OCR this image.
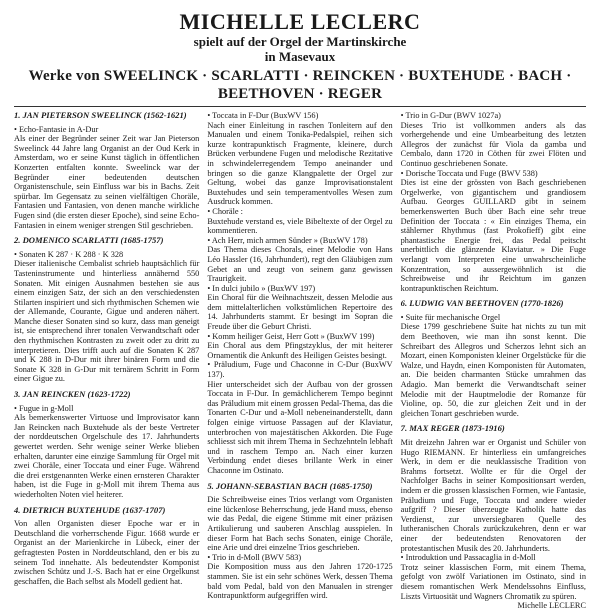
MICHELLE LECLERC
spielt auf der Orgel der Martinskirche
in Masevaux
Werke von SWEELINCK · SCARLATTI · REINCKEN · BUXTEHUDE · BACH · BEETHOVEN · REGER
1. JAN PIETERSON SWEELINCK (1562-1621)

• Echo-Fantasie in A-Dur

Als einer der Begründer seiner Zeit war Jan Pieterson Sweelinck 44 Jahre lang Organist an der Oud Kerk in Amsterdam, wo er seine Kunst täglich in öffentlichen Konzerten entfalten konnte. Sweelinck war der Begründer einer bedeutenden deutschen Organistenschule, sein Einfluss war bis in Bachs. Zeit spürbar. Im Gegensatz zu seinen vielfältigen Choräle, Fantasien und Fantasien, von denen manche wirkliche Fugen sind (die ersten dieser Epoche), sind seine Echo-Fantasien in einem weniger strengen Stil geschrieben.

2. DOMENICO SCARLATTI (1685-1757)

• Sonaten K 287 · K 288 · K 328

Dieser italienische Cembalist schrieb hauptsächlich für Tasteninstrumente und hinterliess annähernd 550 Sonaten. Mit einigen Ausnahmen bestehen sie aus einem einzigen Satz, der sich an den verschiedensten Stilarten inspiriert und sich rhythmischen Schemen wie der Allemande, Courante, Gigue und anderen nähert. Manche dieser Sonaten sind so kurz, dass man geneigt ist, sie entsprechend ihrer tonalen Verwandtschaft oder den rhythmischen Kontrasten zu zweit oder zu dritt zu interpretieren. Dies trifft auch auf die Sonaten K 287 und K 288 in D-Dur mit ihrer binären Form und die Sonate K 328 in G-Dur mit ternärem Schritt in Form einer Gigue zu.

3. JAN REINCKEN (1623-1722)

• Fugue in g-Moll

Als bemerkenswerter Virtuose und Improvisator kann Jan Reincken nach Buxtehude als der beste Vertreter der norddeutschen Orgelschule des 17. Jahrhunderts gewertet werden. Sehr wenige seiner Werke blieben erhalten, darunter eine einzige Sammlung für Orgel mit zwei Choräle, einer Toccata und einer Fuge. Während die drei erstgenannten Werke einen ernsteren Charakter haben, ist die Fuge in g-Moll mit ihrem Thema aus wiederholten Noten viel heiterer.

4. DIETRICH BUXTEHUDE (1637-1707)

Von allen Organisten dieser Epoche war er in Deutschland die vorherrschende Figur. 1668 wurde er Organist an der Marienkirche in Lübeck, einer der gefragtesten Posten in Norddeutschland, den er bis zu seinem Tod innehatte. Als bedeutendster Komponist zwischen Schütz und J.-S. Bach hat er eine Orgelkunst geschaffen, die Bach selbst als Modell gedient hat.

• Toccata in F-Dur (BuxWV 156)

Nach einer Einleitung in raschen Tonleitern auf den Manualen und einem Tonika-Pedalspiel, reihen sich kurze kontrapunktisch Fragmente, kleinere, durch Brücken verbundene Fugen und melodische Rezitative in schwindelerregendem Tempo aneinander und bringen so die ganze Klangpalette der Orgel zur Geltung, wobei das ganze Improvisationstalent Buxtehudes und sein temperamentvolles Wesen zum Ausdruck kommen.

• Choräle :

Buxtehude verstand es, viele Bibeltexte of der Orgel zu kommentieren.

• Ach Herr, mich armen Sünder » (BuxWV 178)

Das Thema dieses Chorals, einer Melodie von Hans Léo Hassler (16, Jahrhundert), regt den Gläubigen zum Gebet an und zeugt von seinem ganz gewissen Traurigkeit.

• In dulci jubilo » (BuxWV 197)

Ein Choral für die Weihnachtszeit, dessen Melodie aus dem mittelalterlichen volkstümlichen Repertoire des 14. Jahrhunderts stammt. Er besingt im Sopran die Freude über die Geburt Christi.

• Komm heiliger Geist, Herr Gott » (BuxWV 199)

Ein Choral aus dem Pfingstzyklus, der mit heiterer Ornamentik die Ankunft des Heiligen Geistes besingt.

• Präludium, Fuge und Chaconne in C-Dur (BuxWV 137).

Hier unterscheidet sich der Aufbau von der grossen Toccata in F-Dur. In gemächlicherem Tempo beginnt das Präludium mit einem grossen Pedal-Thema, das die Tonarten C-Dur und a-Moll nebeneinanderstellt, dann folgen einige virtuose Passagen auf der Klaviatur, unterbrochen von majestätischen Akkorden. Die Fuge schliesst sich mit ihrem Thema in Sechzehnteln lebhaft und in raschem Tempo an. Nach einer kurzen Verbindung endet dieses brillante Werk in einer Chaconne im Ostinato.

5. JOHANN-SEBASTIAN BACH (1685-1750)

Die Schreibweise eines Trios verlangt vom Organisten eine lückenlose Beherrschung, jede Hand muss, ebenso wie das Pedal, die eigene Stimme mit einer präzisen Artikulierung und sauberen Anschlag ausspielen. In dieser Form hat Bach sechs Sonaten, einige Choräle, eine Arie und drei einzelne Trios geschrieben.

• Trio in d-Moll (BWV 583)

Die Komposition muss aus den Jahren 1720-1725 stammen. Sie ist ein sehr schönes Werk, dessen Thema bald vom Pedal, bald von den Manualen in strenger Kontrapunktform aufgegriffen wird.

• Trio in G-Dur (BWV 1027a)

Dieses Trio ist vollkommen anders als das vorhergehende und eine Umbearbeitung des letzten Allegros der zunächst für Viola da gamba und Cembalo, dann 1720 in Cöthen für zwei Flöten und Continuo geschriebenen Sonate.

• Dorische Toccata und Fuge (BWV 538)

Dies ist eine der grössten von Bach geschriebenen Orgelwerke, von gigantischem und grandiosem Aufbau. Georges GUILLARD gibt in seinem bemerkenswerten Buch über Bach eine sehr treue Definition der Toccata : « Ein einziges Thema, ein stählerner Rhythmus (fast Prokofieff) gibt eine phantastische Energie frei, das Pedal peitscht unerbittlich die glänzende Klaviatur. » Die Fuge verlangt vom Interpreten eine unwahrscheinliche Konzentration, so aussergewöhnlich ist die Schreibweise und ihr Reichtum im ganzen kontrapunktischen Reichtum.

6. LUDWIG VAN BEETHOVEN (1770-1826)

• Suite für mechanische Orgel

Diese 1799 geschriebene Suite hat nichts zu tun mit dem Beethoven, wie man ihn sonst kennt. Die Schreibart des Allegros und Scherzos lehnt sich an Mozart, einen Komponisten kleiner Orgelstücke für die Walze, und Haydn, einen Komponisten für Automaten, an. Die beiden charmanten Stücke umrahmen das Adagio. Man bemerkt die Verwandtschaft seiner Melodie mit der Hauptmelodie der Romanze für Violine, op. 50, die zur gleichen Zeit und in der gleichen Tonart geschrieben wurde.

7. MAX REGER (1873-1916)

Mit dreizehn Jahren war er Organist und Schüler von Hugo RIEMANN. Er hinterliess ein umfangreiches Werk, in dem er die neuklassische Tradition von Brahms fortsetzt. Wollte er für die Orgel der Nachfolger Bachs in seiner Kompositionsart werden, indem er die grossen klassischen Formen, wie Fantasie, Präludium und Fuge, Toccata und andere wieder aufgriff ? Dieser überzeugte Katholik hatte das Verdienst, zur unversiegbaren Quelle des lutheranischen Chorals zurückzukehren, denn er war einer der bedeutendsten Renovatoren der protestantischen Musik des 20. Jahrhunderts.

• Introduktion und Passacaglia in d-Moll

Trotz seiner klassischen Form, mit einem Thema, gefolgt von zwölf Variationen im Ostinato, sind in diesem romantischen Werk Mendelssohns Einfluss, Liszts Virtuosität und Wagners Chromatik zu spüren.

Michelle LECLERC
